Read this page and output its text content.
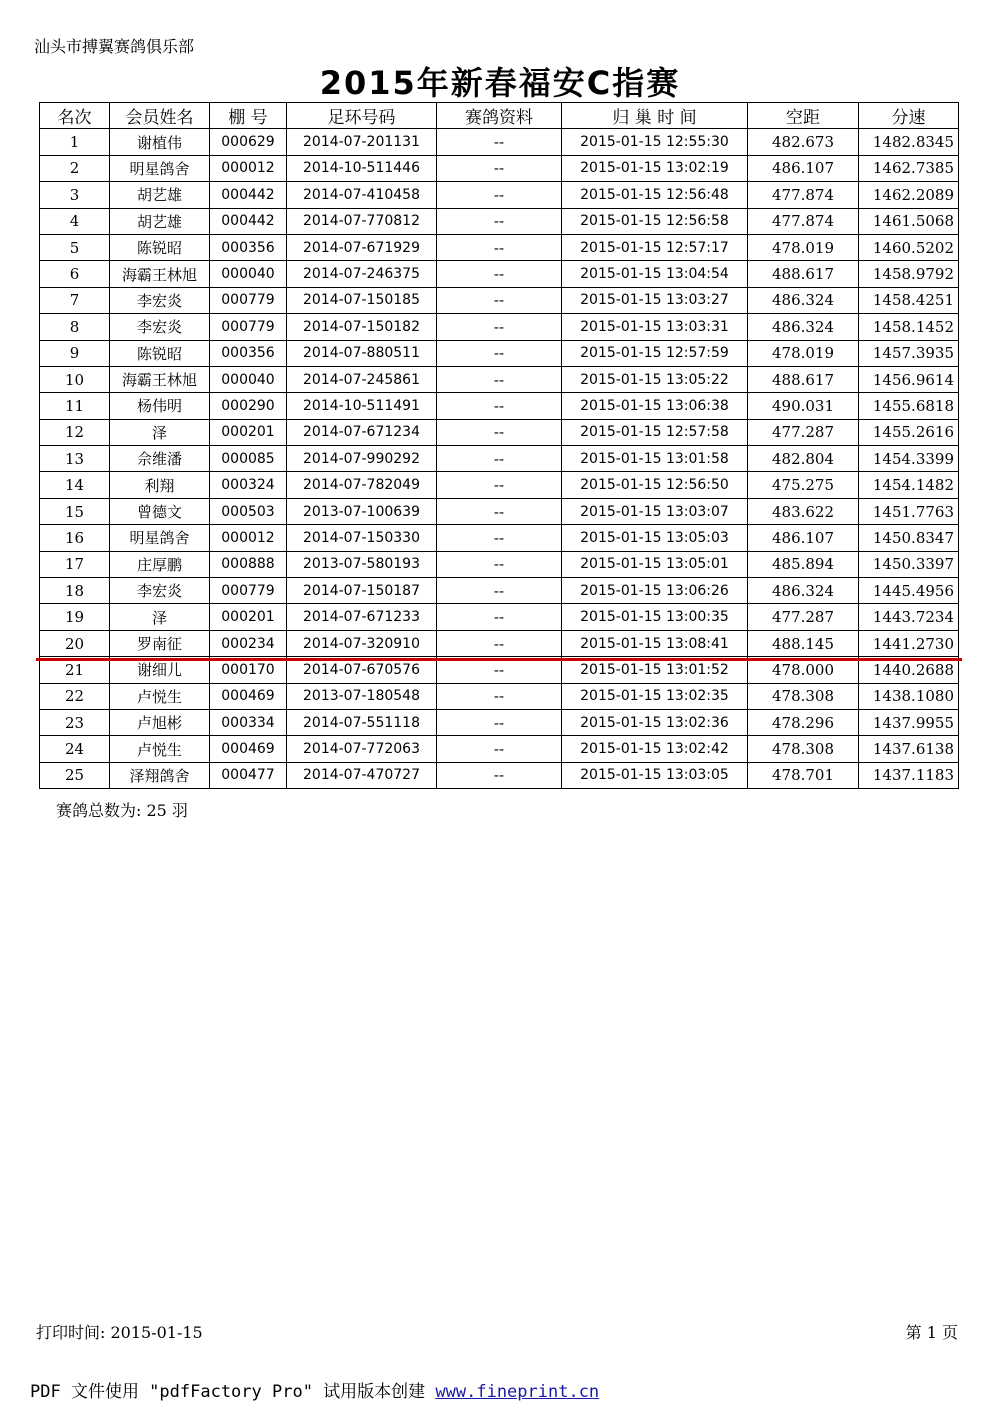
汕头市搏翼赛鸽俱乐部
2015年新春福安C指赛
名次	会员姓名	棚 号	足环号码	赛鸽资料	归 巢 时 间	空距	分速
1	谢植伟	000629	2014-07-201131	--	2015-01-15 12:55:30	482.673	1482.8345
2	明星鸽舍	000012	2014-10-511446	--	2015-01-15 13:02:19	486.107	1462.7385
3	胡艺雄	000442	2014-07-410458	--	2015-01-15 12:56:48	477.874	1462.2089
4	胡艺雄	000442	2014-07-770812	--	2015-01-15 12:56:58	477.874	1461.5068
5	陈锐昭	000356	2014-07-671929	--	2015-01-15 12:57:17	478.019	1460.5202
6	海霸王林旭	000040	2014-07-246375	--	2015-01-15 13:04:54	488.617	1458.9792
7	李宏炎	000779	2014-07-150185	--	2015-01-15 13:03:27	486.324	1458.4251
8	李宏炎	000779	2014-07-150182	--	2015-01-15 13:03:31	486.324	1458.1452
9	陈锐昭	000356	2014-07-880511	--	2015-01-15 12:57:59	478.019	1457.3935
10	海霸王林旭	000040	2014-07-245861	--	2015-01-15 13:05:22	488.617	1456.9614
11	杨伟明	000290	2014-10-511491	--	2015-01-15 13:06:38	490.031	1455.6818
12	泽	000201	2014-07-671234	--	2015-01-15 12:57:58	477.287	1455.2616
13	佘维潘	000085	2014-07-990292	--	2015-01-15 13:01:58	482.804	1454.3399
14	利翔	000324	2014-07-782049	--	2015-01-15 12:56:50	475.275	1454.1482
15	曾德文	000503	2013-07-100639	--	2015-01-15 13:03:07	483.622	1451.7763
16	明星鸽舍	000012	2014-07-150330	--	2015-01-15 13:05:03	486.107	1450.8347
17	庄厚鹏	000888	2013-07-580193	--	2015-01-15 13:05:01	485.894	1450.3397
18	李宏炎	000779	2014-07-150187	--	2015-01-15 13:06:26	486.324	1445.4956
19	泽	000201	2014-07-671233	--	2015-01-15 13:00:35	477.287	1443.7234
20	罗南征	000234	2014-07-320910	--	2015-01-15 13:08:41	488.145	1441.2730
21	谢细儿	000170	2014-07-670576	--	2015-01-15 13:01:52	478.000	1440.2688
22	卢悦生	000469	2013-07-180548	--	2015-01-15 13:02:35	478.308	1438.1080
23	卢旭彬	000334	2014-07-551118	--	2015-01-15 13:02:36	478.296	1437.9955
24	卢悦生	000469	2014-07-772063	--	2015-01-15 13:02:42	478.308	1437.6138
25	泽翔鸽舍	000477	2014-07-470727	--	2015-01-15 13:03:05	478.701	1437.1183
赛鸽总数为: 25 羽
打印时间: 2015-01-15	第 1 页
PDF 文件使用 "pdfFactory Pro" 试用版本创建 www.fineprint.cn
